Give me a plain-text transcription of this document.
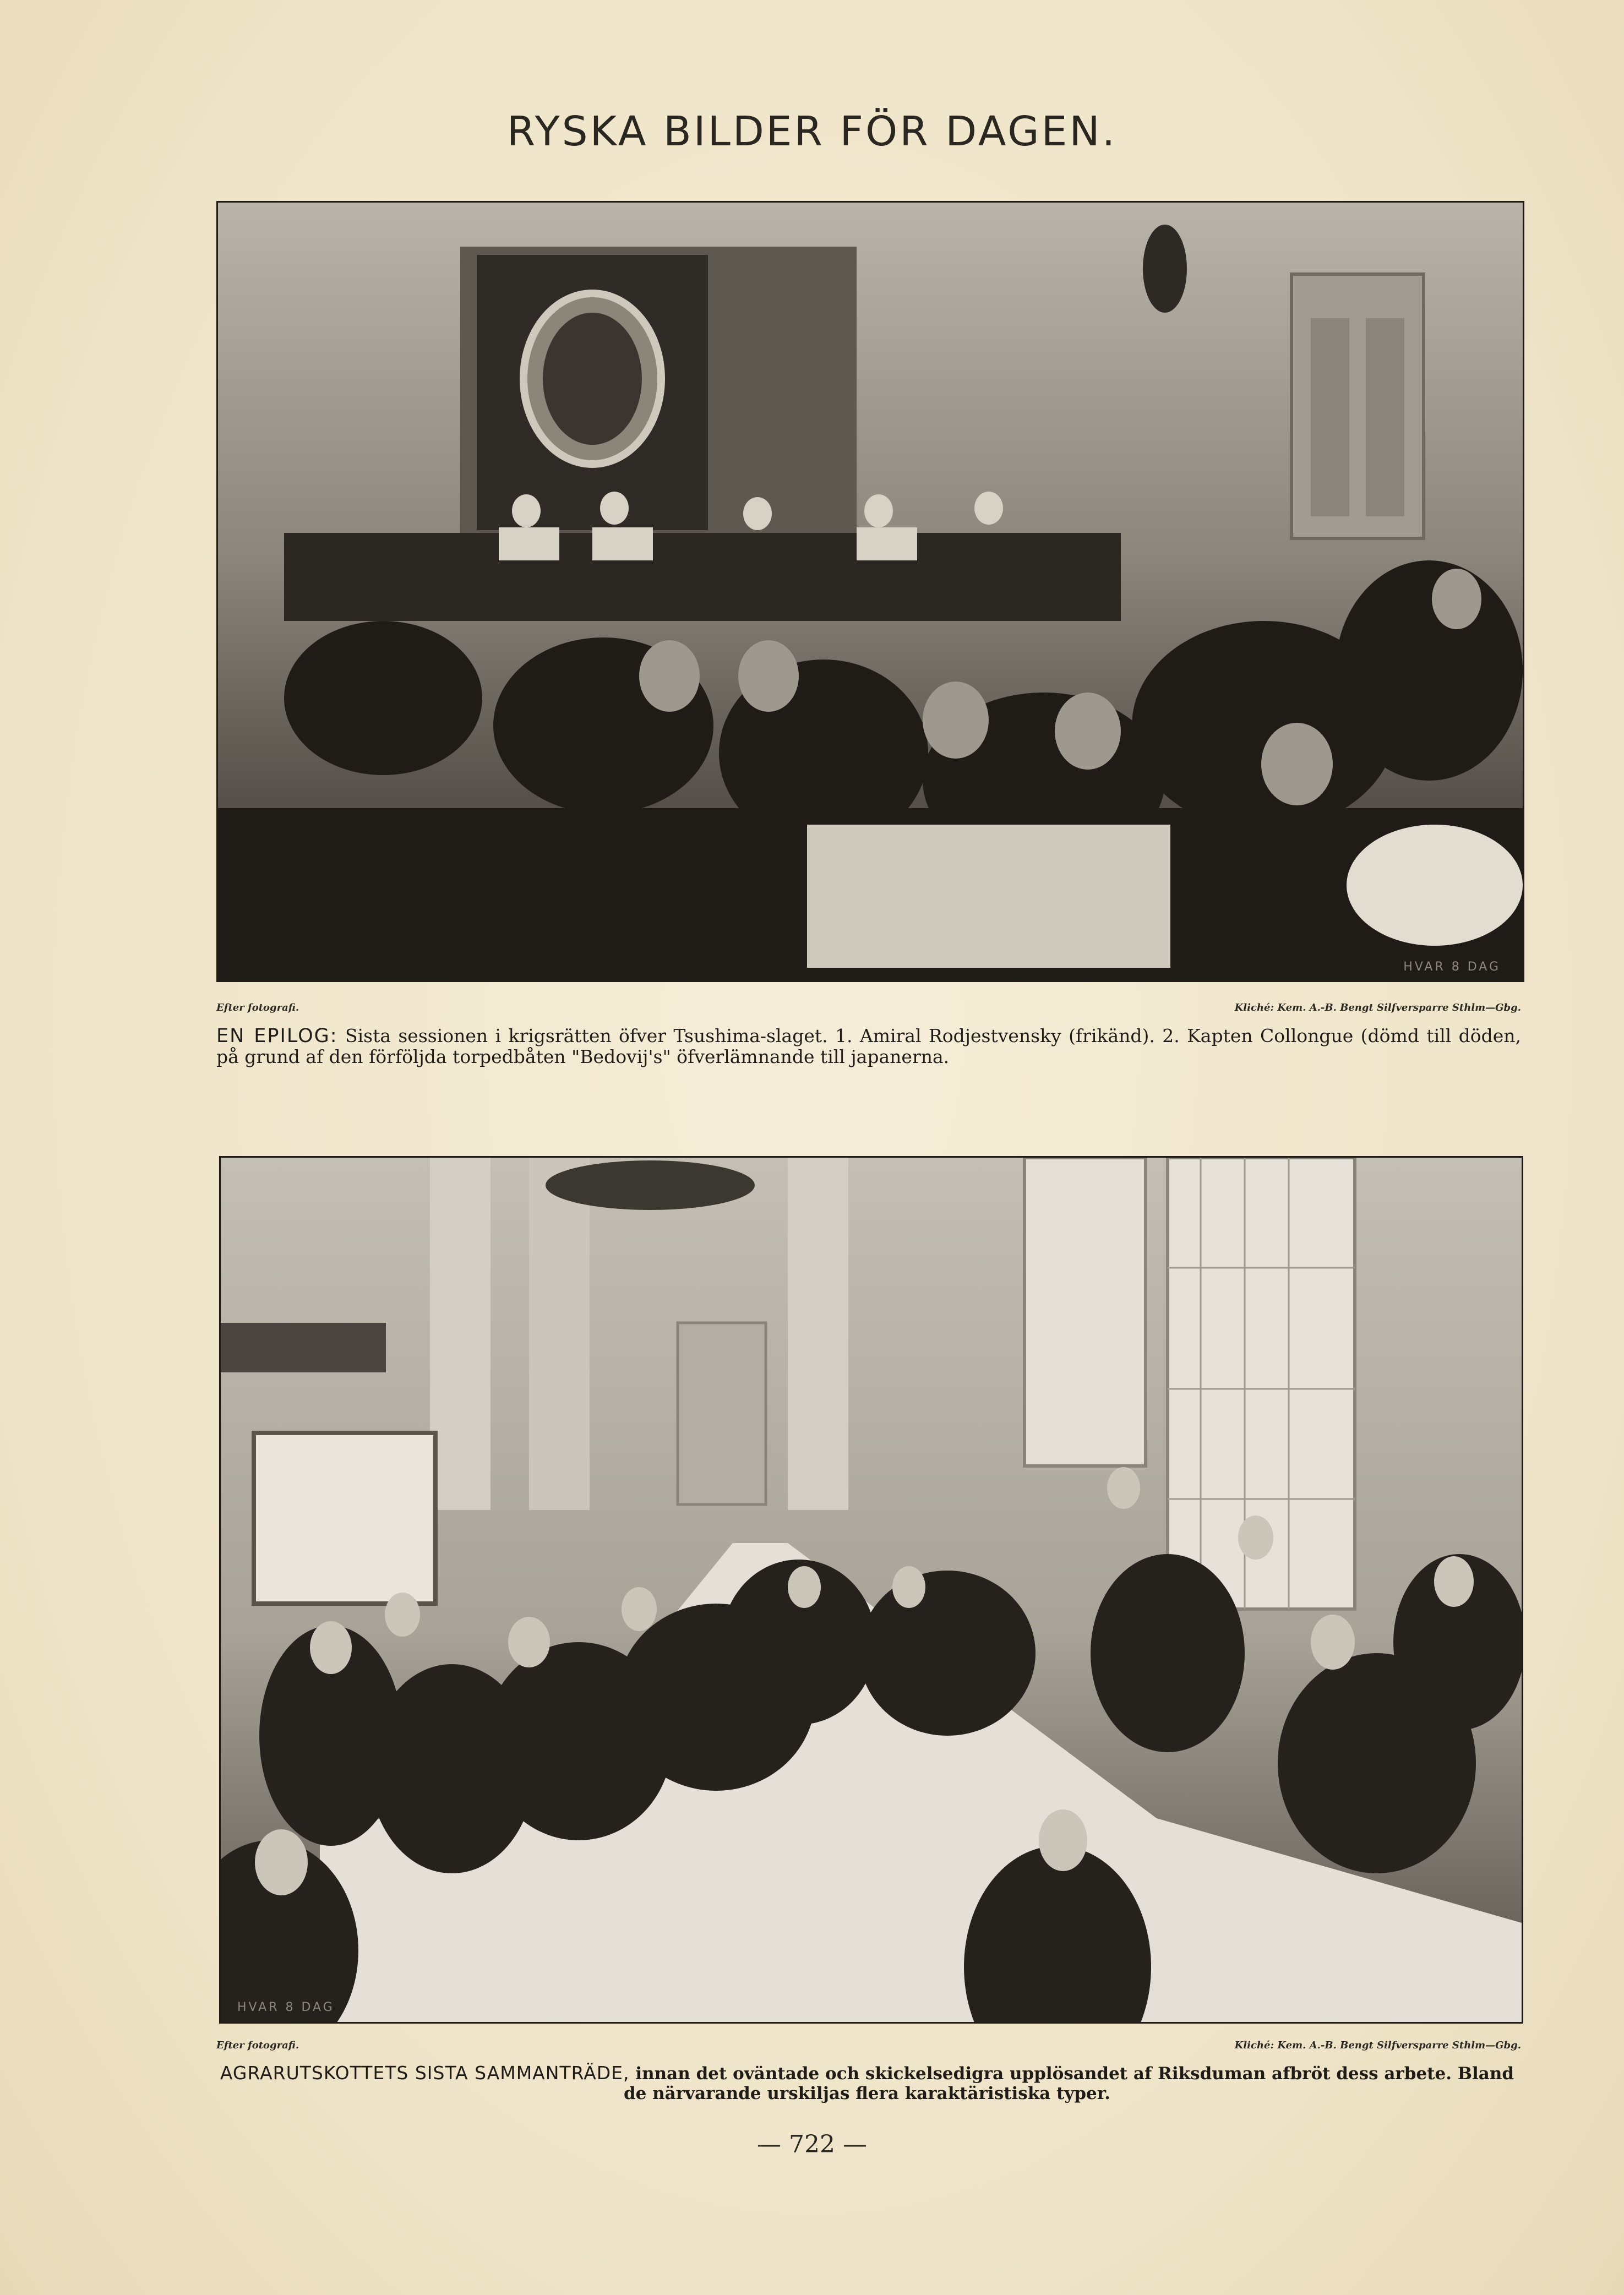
RYSKA BILDER FÖR DAGEN.
HVAR 8 DAG
Efter fotografi.	Kliché: Kem. A.-B. Bengt Silfversparre Sthlm—Gbg.
EN EPILOG: Sista sessionen i krigsrätten öfver Tsushima-slaget. 1. Amiral Rodjestvensky (frikänd). 2. Kapten Collongue (dömd till döden, på grund af den förföljda torpedbåten "Bedovij's" öfverlämnande till japanerna.
HVAR 8 DAG
Efter fotografi.	Kliché: Kem. A.-B. Bengt Silfversparre Sthlm—Gbg.
AGRARUTSKOTTETS SISTA SAMMANTRÄDE, innan det oväntade och skickelsedigra upplösandet af Riksduman afbröt dess arbete. Bland de närvarande urskiljas flera karaktäristiska typer.
— 722 —
